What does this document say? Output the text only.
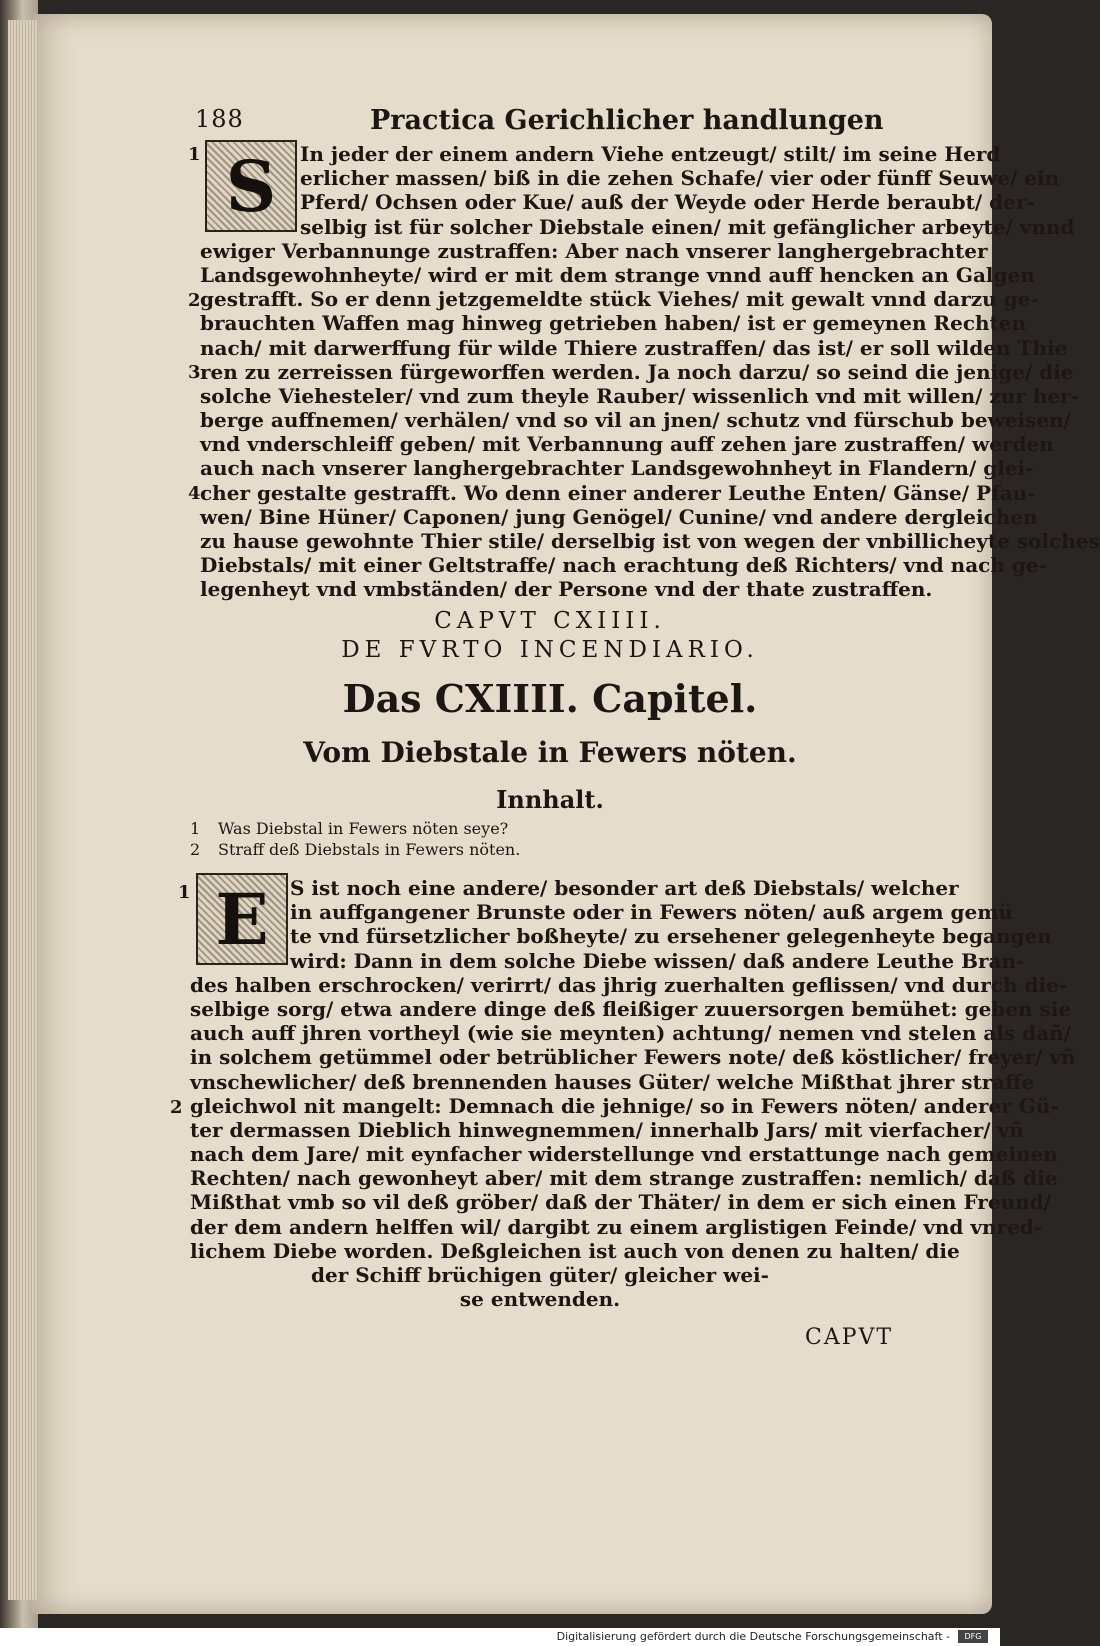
188	Practica Gerichlicher handlungen
S
1
2
3
4
In jeder der einem andern Viehe entzeugt/ stilt/ im seine Herd
erlicher massen/ biß in die zehen Schafe/ vier oder fünff Seuwe/ ein
Pferd/ Ochsen oder Kue/ auß der Weyde oder Herde beraubt/ der-
selbig ist für solcher Diebstale einen/ mit gefänglicher arbeyte/ vnnd
ewiger Verbannunge zustraffen: Aber nach vnserer langhergebrachter
Landsgewohnheyte/ wird er mit dem strange vnnd auff hencken an Galgen
gestrafft. So er denn jetzgemeldte stück Viehes/ mit gewalt vnnd darzu ge-
brauchten Waffen mag hinweg getrieben haben/ ist er gemeynen Rechten
nach/ mit darwerffung für wilde Thiere zustraffen/ das ist/ er soll wilden Thie
ren zu zerreissen fürgeworffen werden. Ja noch darzu/ so seind die jenige/ die
solche Viehesteler/ vnd zum theyle Rauber/ wissenlich vnd mit willen/ zur her-
berge auffnemen/ verhälen/ vnd so vil an jnen/ schutz vnd fürschub beweisen/
vnd vnderschleiff geben/ mit Verbannung auff zehen jare zustraffen/ werden
auch nach vnserer langhergebrachter Landsgewohnheyt in Flandern/ glei-
cher gestalte gestrafft. Wo denn einer anderer Leuthe Enten/ Gänse/ Pfau-
wen/ Bine Hüner/ Caponen/ jung Genögel/ Cunine/ vnd andere dergleichen
zu hause gewohnte Thier stile/ derselbig ist von wegen der vnbillicheyte solches
Diebstals/ mit einer Geltstraffe/ nach erachtung deß Richters/ vnd nach ge-
legenheyt vnd vmbständen/ der Persone vnd der thate zustraffen.
CAPVT CXIIII.
DE FVRTO INCENDIARIO.
Das CXIIII. Capitel.
Vom Diebstale in Fewers nöten.
Innhalt.
1 Was Diebstal in Fewers nöten seye?
2 Straff deß Diebstals in Fewers nöten.
E
1
2
S ist noch eine andere/ besonder art deß Diebstals/ welcher
in auffgangener Brunste oder in Fewers nöten/ auß argem gemü
te vnd fürsetzlicher boßheyte/ zu ersehener gelegenheyte begangen
wird: Dann in dem solche Diebe wissen/ daß andere Leuthe Bran-
des halben erschrocken/ verirrt/ das jhrig zuerhalten geflissen/ vnd durch die-
selbige sorg/ etwa andere dinge deß fleißiger zuuersorgen bemühet: geben sie
auch auff jhren vortheyl (wie sie meynten) achtung/ nemen vnd stelen als dañ/
in solchem getümmel oder betrüblicher Fewers note/ deß köstlicher/ freyer/ vñ
vnschewlicher/ deß brennenden hauses Güter/ welche Mißthat jhrer straffe
gleichwol nit mangelt: Demnach die jehnige/ so in Fewers nöten/ anderer Gü-
ter dermassen Dieblich hinwegnemmen/ innerhalb Jars/ mit vierfacher/ vñ
nach dem Jare/ mit eynfacher widerstellunge vnd erstattunge nach gemeinen
Rechten/ nach gewonheyt aber/ mit dem strange zustraffen: nemlich/ daß die
Mißthat vmb so vil deß gröber/ daß der Thäter/ in dem er sich einen Freund/
der dem andern helffen wil/ dargibt zu einem arglistigen Feinde/ vnd vnred-
lichem Diebe worden. Deßgleichen ist auch von denen zu halten/ die
der Schiff brüchigen güter/ gleicher wei-
se entwenden.
CAPVT
Digitalisierung gefördert durch die Deutsche Forschungsgemeinschaft -	DFG
